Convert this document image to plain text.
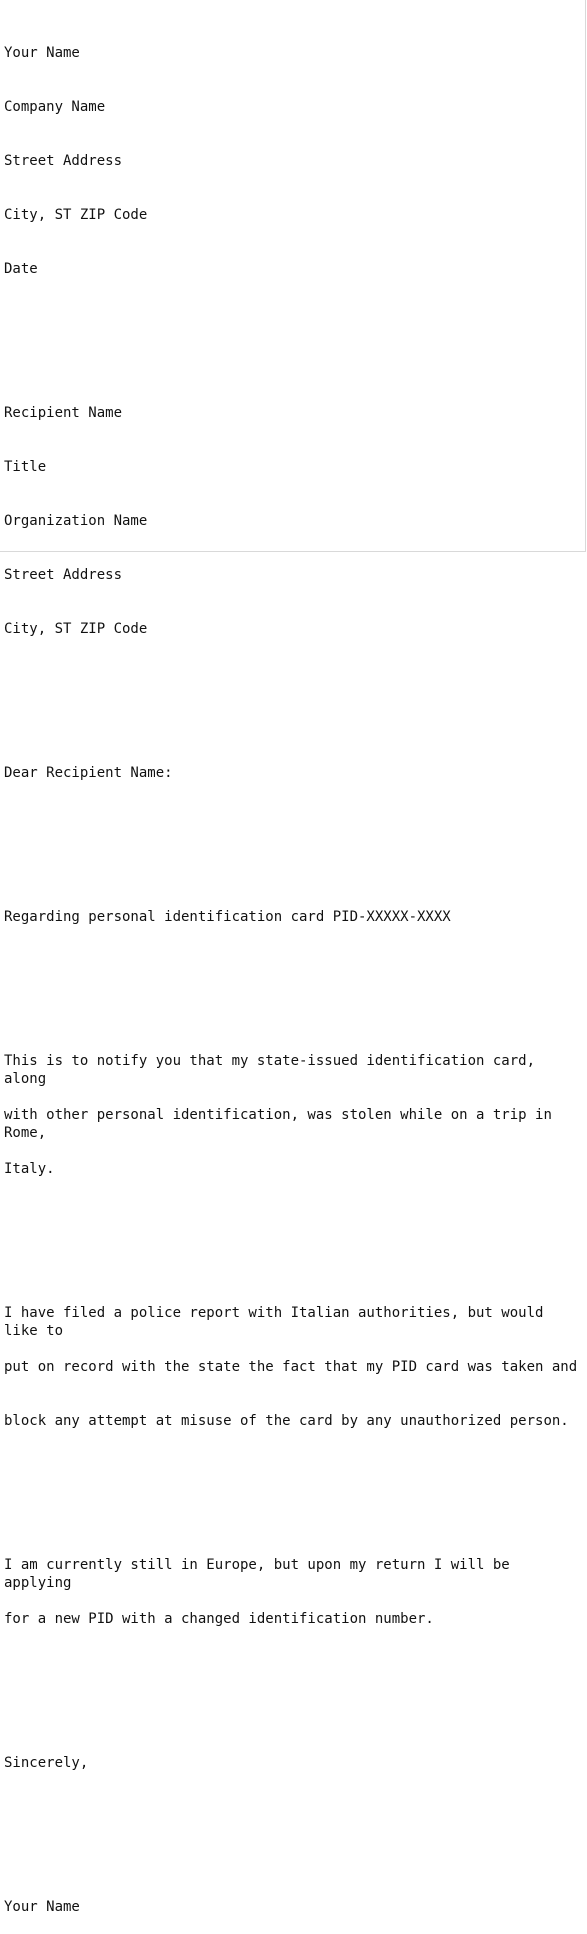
Your Name

Company Name

Street Address

City, ST ZIP Code

Date

Recipient Name

Title

Organization Name

Street Address

City, ST ZIP Code

Dear Recipient Name:

Regarding personal identification card PID-XXXXX-XXXX

This is to notify you that my state-issued identification card, along

with other personal identification, was stolen while on a trip in Rome,

Italy.

I have filed a police report with Italian authorities, but would like to

put on record with the state the fact that my PID card was taken and

block any attempt at misuse of the card by any unauthorized person.

I am currently still in Europe, but upon my return I will be applying

for a new PID with a changed identification number.

Sincerely,

Your Name
